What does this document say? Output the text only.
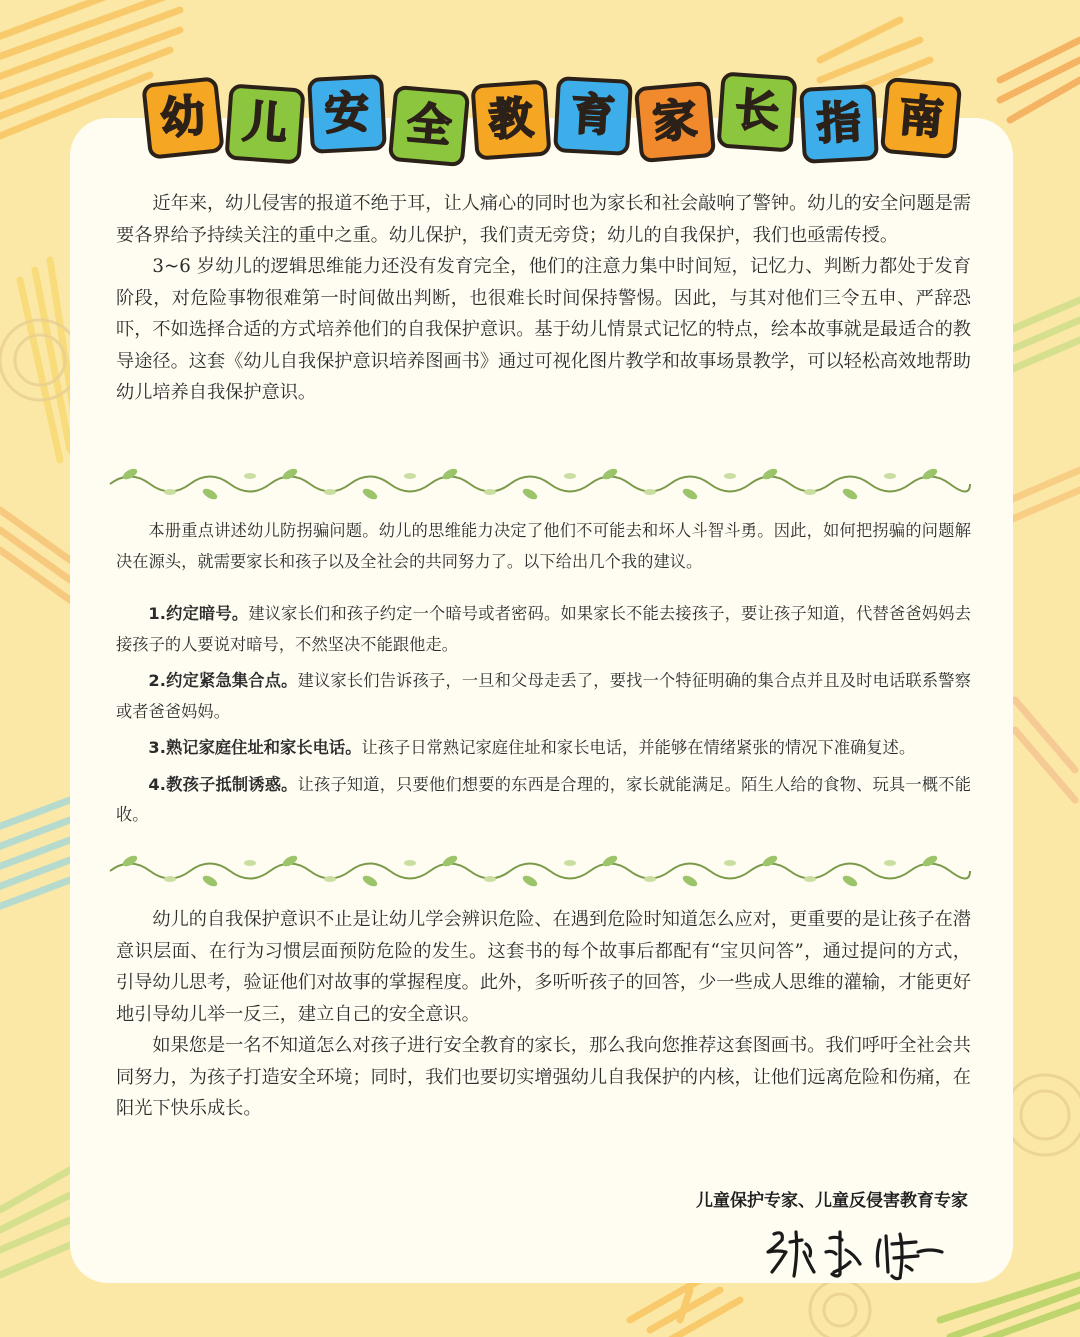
幼 儿 安 全 教 育 家 长 指 南

近年来，幼儿侵害的报道不绝于耳，让人痛心的同时也为家长和社会敲响了警钟。幼儿的安全问题是需要各界给予持续关注的重中之重。幼儿保护，我们责无旁贷；幼儿的自我保护，我们也亟需传授。

3~6 岁幼儿的逻辑思维能力还没有发育完全，他们的注意力集中时间短，记忆力、判断力都处于发育阶段，对危险事物很难第一时间做出判断，也很难长时间保持警惕。因此，与其对他们三令五申、严辞恐吓，不如选择合适的方式培养他们的自我保护意识。基于幼儿情景式记忆的特点，绘本故事就是最适合的教导途径。这套《幼儿自我保护意识培养图画书》通过可视化图片教学和故事场景教学，可以轻松高效地帮助幼儿培养自我保护意识。

本册重点讲述幼儿防拐骗问题。幼儿的思维能力决定了他们不可能去和坏人斗智斗勇。因此，如何把拐骗的问题解决在源头，就需要家长和孩子以及全社会的共同努力了。以下给出几个我的建议。

1.约定暗号。建议家长们和孩子约定一个暗号或者密码。如果家长不能去接孩子，要让孩子知道，代替爸爸妈妈去接孩子的人要说对暗号，不然坚决不能跟他走。

2.约定紧急集合点。建议家长们告诉孩子，一旦和父母走丢了，要找一个特征明确的集合点并且及时电话联系警察或者爸爸妈妈。

3.熟记家庭住址和家长电话。让孩子日常熟记家庭住址和家长电话，并能够在情绪紧张的情况下准确复述。

4.教孩子抵制诱惑。让孩子知道，只要他们想要的东西是合理的，家长就能满足。陌生人给的食物、玩具一概不能收。

幼儿的自我保护意识不止是让幼儿学会辨识危险、在遇到危险时知道怎么应对，更重要的是让孩子在潜意识层面、在行为习惯层面预防危险的发生。这套书的每个故事后都配有“宝贝问答”，通过提问的方式，引导幼儿思考，验证他们对故事的掌握程度。此外，多听听孩子的回答，少一些成人思维的灌输，才能更好地引导幼儿举一反三，建立自己的安全意识。

如果您是一名不知道怎么对孩子进行安全教育的家长，那么我向您推荐这套图画书。我们呼吁全社会共同努力，为孩子打造安全环境；同时，我们也要切实增强幼儿自我保护的内核，让他们远离危险和伤痛，在阳光下快乐成长。

儿童保护专家、儿童反侵害教育专家
